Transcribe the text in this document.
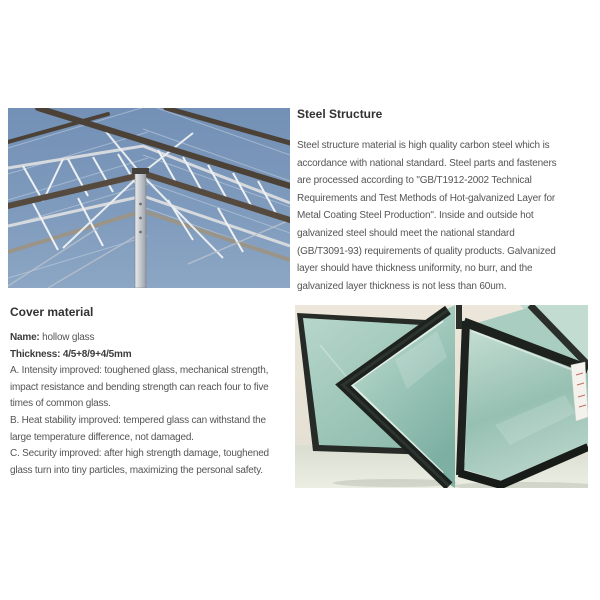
Steel Structure
Steel structure material is high quality carbon steel which is
accordance with national standard. Steel parts and fasteners
are processed according to "GB/T1912-2002 Technical
Requirements and Test Methods of Hot-galvanized Layer for
Metal Coating Steel Production". Inside and outside hot
galvanized steel should meet the national standard
(GB/T3091-93) requirements of quality products. Galvanized
layer should have thickness uniformity, no burr, and the
galvanized layer thickness is not less than 60um.
Cover material
Name: hollow glass
Thickness: 4/5+8/9+4/5mm
A. Intensity improved: toughened glass, mechanical strength,
impact resistance and bending strength can reach four to five
times of common glass.
B. Heat stability improved: tempered glass can withstand the
large temperature difference, not damaged.
C. Security improved: after high strength damage, toughened
glass turn into tiny particles, maximizing the personal safety.
